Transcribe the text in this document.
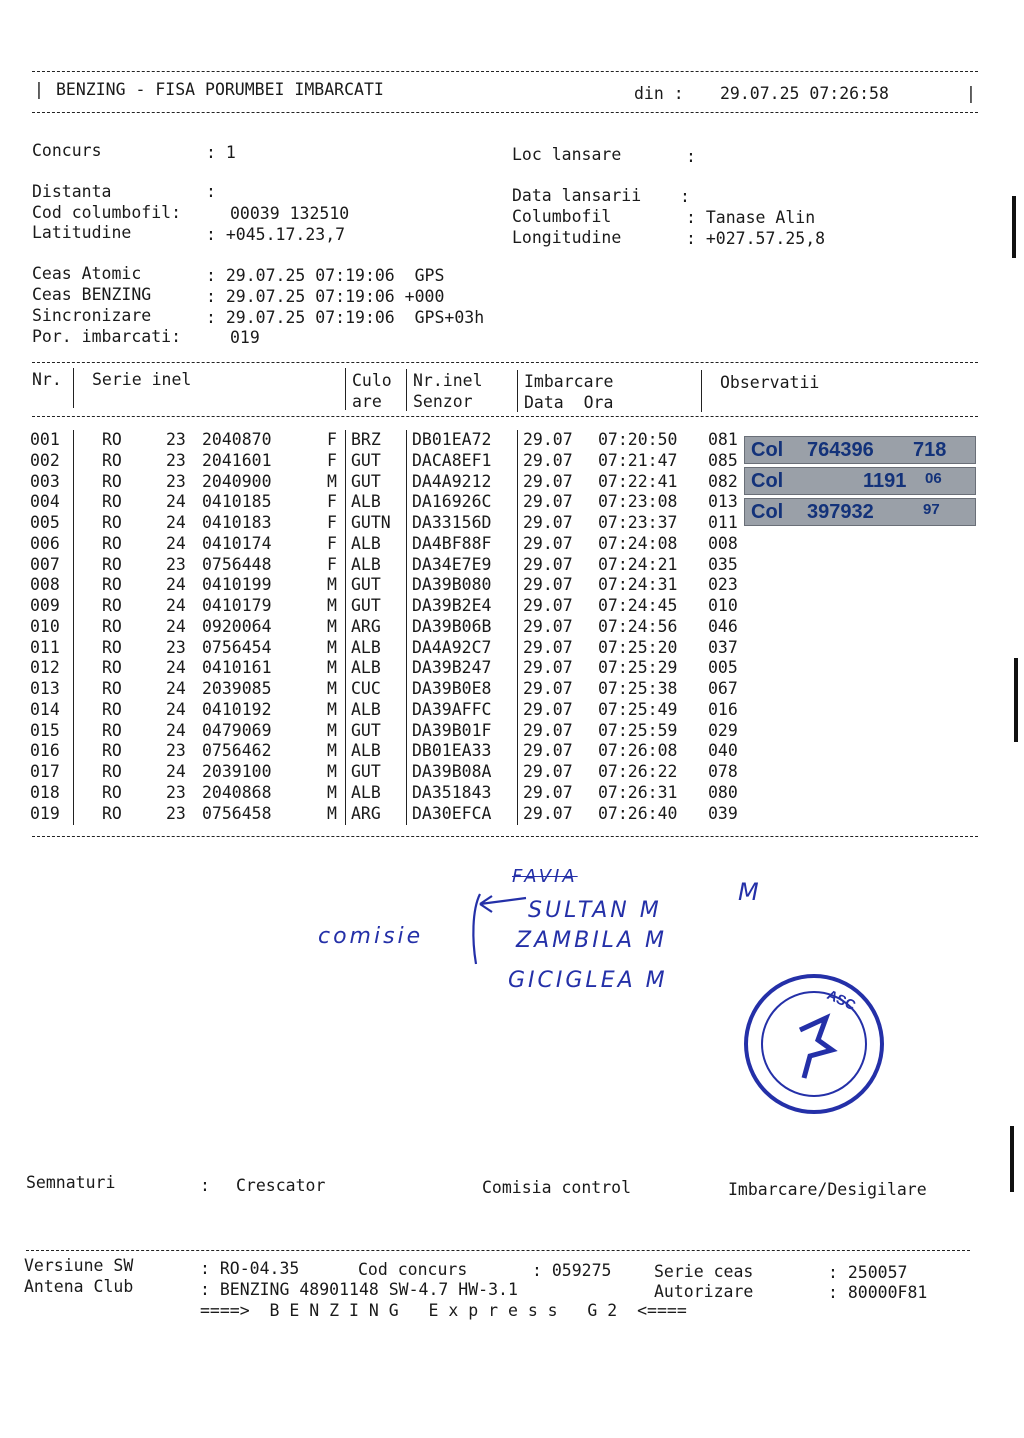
| BENZING - FISA PORUMBEI IMBARCATI	din : 29.07.25 07:26:58	|
Concurs	: 1	Loc lansare	:
Distanta	:	Data lansarii :
Cod columbofil:	00039 132510	Columbofil	: Tanase Alin
Latitudine	: +045.17.23,7	Longitudine	: +027.57.25,8
Ceas Atomic	: 29.07.25 07:19:06  GPS
Ceas BENZING	: 29.07.25 07:19:06 +000
Sincronizare	: 29.07.25 07:19:06  GPS+03h
Por. imbarcati:	019
Nr. Serie inel	Culo
are
Nr.inel
Senzor
Imbarcare
Data  Ora
Observatii
001	RO	23 2040870	F BRZ DB01EA72 29.07 07:20:50 081
002	RO	23 2041601	F GUT DACA8EF1 29.07 07:21:47 085
003	RO	23 2040900	M GUT DA4A9212 29.07 07:22:41 082
004	RO	24 0410185	F ALB DA16926C 29.07 07:23:08 013
005	RO	24 0410183	F GUTN DA33156D 29.07 07:23:37 011
006	RO	24 0410174	F ALB DA4BF88F 29.07 07:24:08 008
007	RO	23 0756448	F ALB DA34E7E9 29.07 07:24:21 035
008	RO	24 0410199	M GUT DA39B080 29.07 07:24:31 023
009	RO	24 0410179	M GUT DA39B2E4 29.07 07:24:45 010
010	RO	24 0920064	M ARG DA39B06B 29.07 07:24:56 046
011	RO	23 0756454	M ALB DA4A92C7 29.07 07:25:20 037
012	RO	24 0410161	M ALB DA39B247 29.07 07:25:29 005
013	RO	24 2039085	M CUC DA39B0E8 29.07 07:25:38 067
014	RO	24 0410192	M ALB DA39AFFC 29.07 07:25:49 016
015	RO	24 0479069	M GUT DA39B01F 29.07 07:25:59 029
016	RO	23 0756462	M ALB DB01EA33 29.07 07:26:08 040
017	RO	24 2039100	M GUT DA39B08A 29.07 07:26:22 078
018	RO	23 2040868	M ALB DA351843 29.07 07:26:31 080
019	RO	23 0756458	M ARG DA30EFCA 29.07 07:26:40 039
Col 764396 718
Col	1191 06
Col 397932	97
FAVIA
SULTAN M
ZAMBILA M
GICIGLEA M
comisie
M
ASC
Semnaturi	: Crescator	Comisia control	Imbarcare/Desigilare
Versiune SW	: RO-04.35	Cod concurs	: 059275	Serie ceas	: 250057
Antena Club	: BENZING 48901148 SW-4.7 HW-3.1	Autorizare	: 80000F81
====>  B E N Z I N G   E x p r e s s   G 2  <====
